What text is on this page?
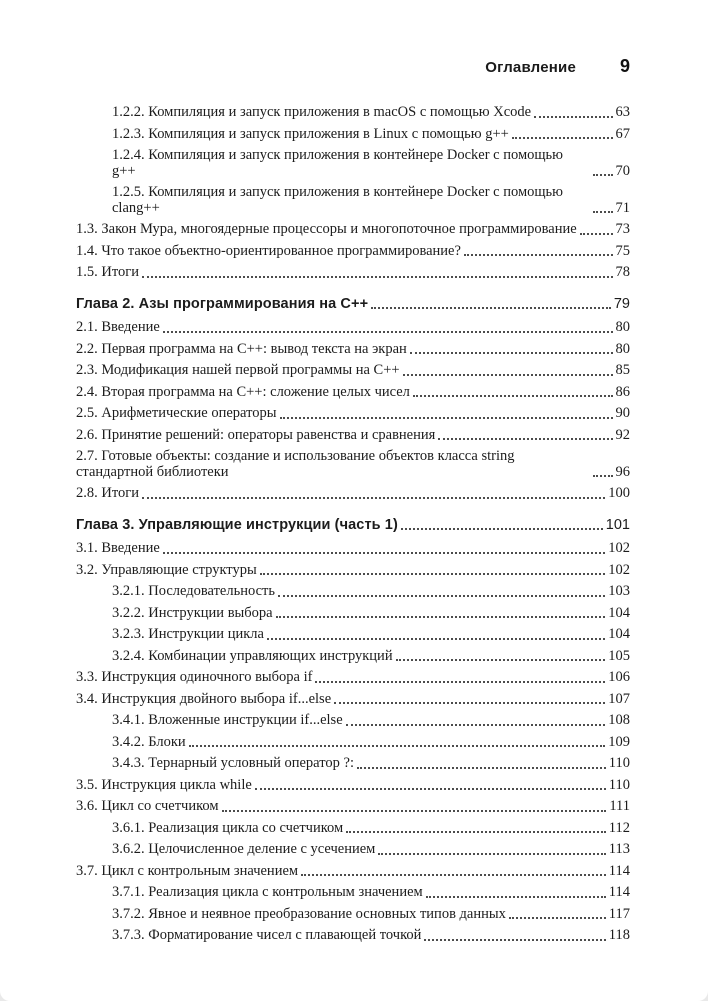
Оглавление 9
1.2.2. Компиляция и запуск приложения в macOS с помощью Xcode	63
1.2.3. Компиляция и запуск приложения в Linux с помощью g++	67
1.2.4. Компиляция и запуск приложения в контейнере Docker с помощью g++	70
1.2.5. Компиляция и запуск приложения в контейнере Docker с помощью clang++	71
1.3. Закон Мура, многоядерные процессоры и многопоточное программирование	73
1.4. Что такое объектно-ориентированное программирование?	75
1.5. Итоги	78
Глава 2. Азы программирования на C++	79
2.1. Введение	80
2.2. Первая программа на C++: вывод текста на экран	80
2.3. Модификация нашей первой программы на C++	85
2.4. Вторая программа на C++: сложение целых чисел	86
2.5. Арифметические операторы	90
2.6. Принятие решений: операторы равенства и сравнения	92
2.7. Готовые объекты: создание и использование объектов класса string стандартной библиотеки	96
2.8. Итоги	100
Глава 3. Управляющие инструкции (часть 1)	101
3.1. Введение	102
3.2. Управляющие структуры	102
3.2.1. Последовательность	103
3.2.2. Инструкции выбора	104
3.2.3. Инструкции цикла	104
3.2.4. Комбинации управляющих инструкций	105
3.3. Инструкция одиночного выбора if	106
3.4. Инструкция двойного выбора if...else	107
3.4.1. Вложенные инструкции if...else	108
3.4.2. Блоки	109
3.4.3. Тернарный условный оператор ?:	110
3.5. Инструкция цикла while	110
3.6. Цикл со счетчиком	111
3.6.1. Реализация цикла со счетчиком	112
3.6.2. Целочисленное деление с усечением	113
3.7. Цикл с контрольным значением	114
3.7.1. Реализация цикла с контрольным значением	114
3.7.2. Явное и неявное преобразование основных типов данных	117
3.7.3. Форматирование чисел с плавающей точкой	118
